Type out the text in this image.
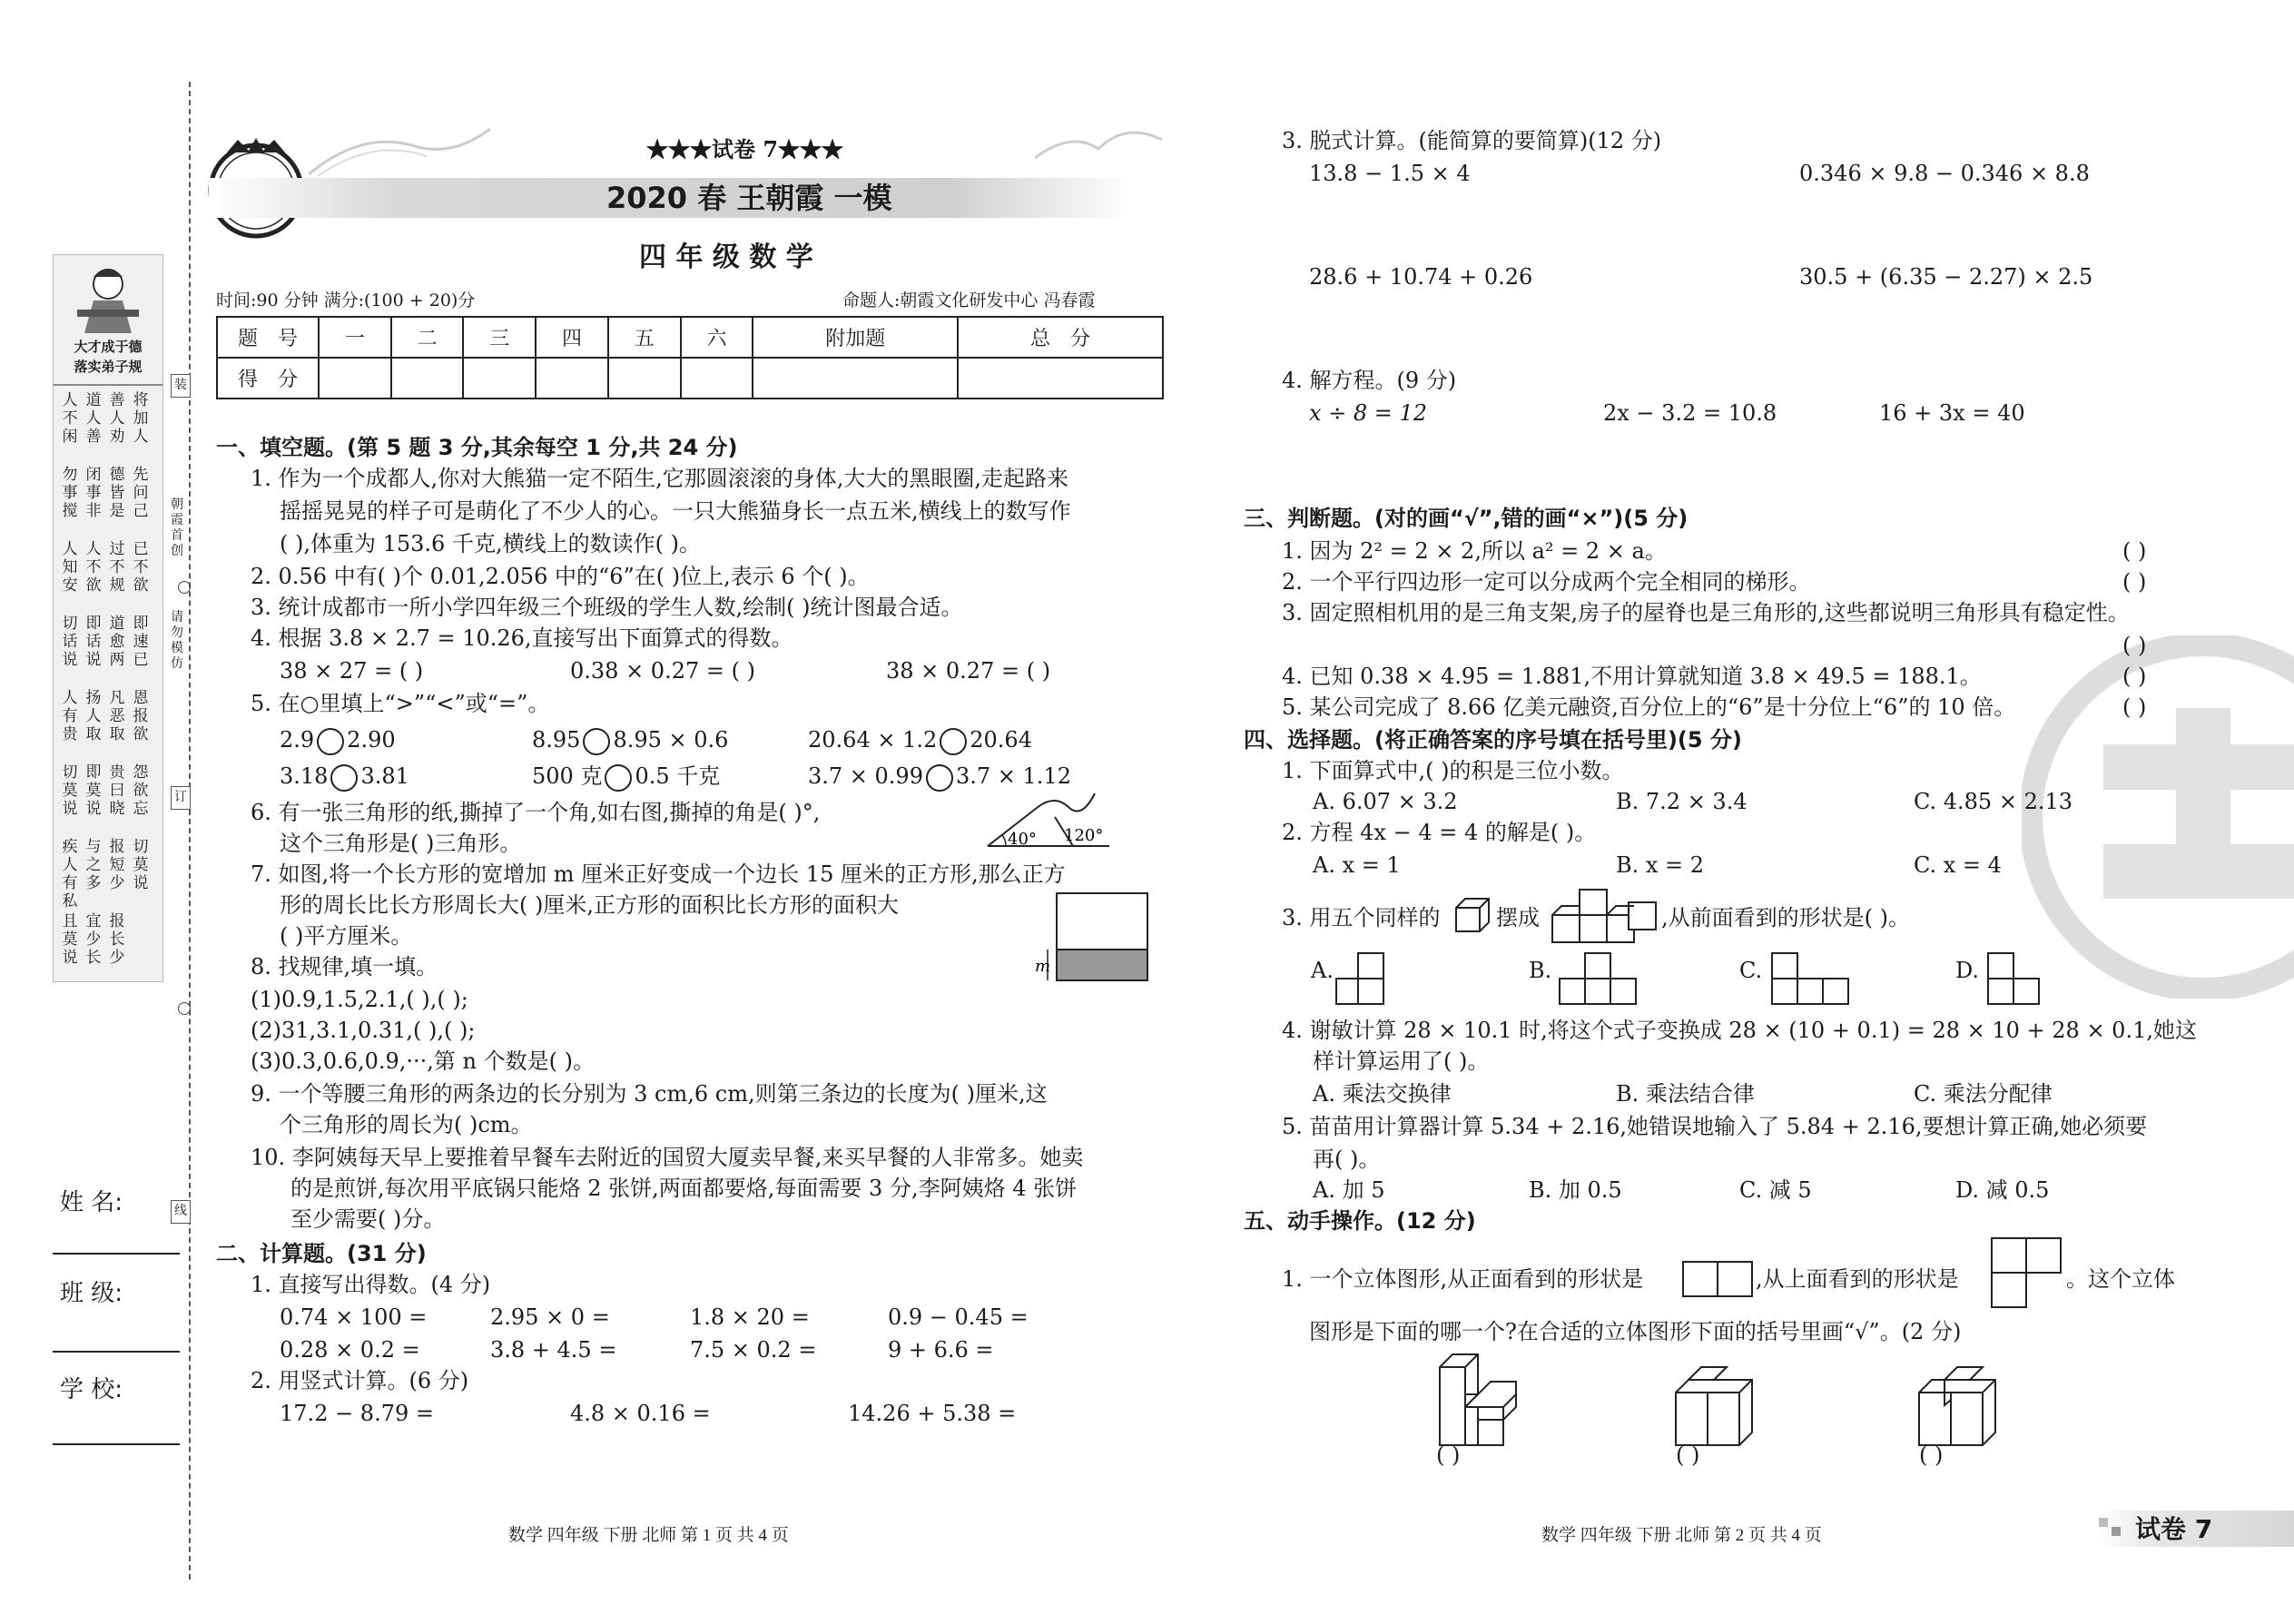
大才成于德
落实弟子规
人不闲
道人善
善人劝
将加人
勿事搅
闭事非
德皆是
先问己
人知安
人不欲
过不规
已不欲
切话说
即话说
道愈两
即速已
人有贵
扬人取
凡恶取
恩报欲
切莫说
即莫说
贵曰晓
怨欲忘
疾人有私
与之多
报短少
切莫说
且莫说
宜少长
报长少
装
订
线
朝霞首创
请勿模仿
姓 名:
班 级:
学 校:
★★★试卷 7★★★
2020 春 王朝霞 一模
四 年 级 数 学
时间:90 分钟 满分:(100 + 20)分	命题人:朝霞文化研发中心 冯春霞
题　号	一	二	三	四	五	六	附加题	总　分
得　分								
一、填空题。(第 5 题 3 分,其余每空 1 分,共 24 分)
1. 作为一个成都人,你对大熊猫一定不陌生,它那圆滚滚的身体,大大的黑眼圈,走起路来
摇摇晃晃的样子可是萌化了不少人的心。一只大熊猫身长一点五米,横线上的数写作
( ),体重为 153.6 千克,横线上的数读作( )。
2. 0.56 中有( )个 0.01,2.056 中的“6”在( )位上,表示 6 个( )。
3. 统计成都市一所小学四年级三个班级的学生人数,绘制( )统计图最合适。
4. 根据 3.8 × 2.7 = 10.26,直接写出下面算式的得数。
38 × 27 = ( )	0.38 × 0.27 = ( )	38 × 0.27 = ( )
5. 在○里填上“>”“<”或“=”。
2.9 2.90	8.95 8.95 × 0.6	20.64 × 1.2 20.64
3.18 3.81	500 克 0.5 千克	3.7 × 0.99 3.7 × 1.12
6. 有一张三角形的纸,撕掉了一个角,如右图,撕掉的角是( )°,
这个三角形是( )三角形。	40° 120°
7. 如图,将一个长方形的宽增加 m 厘米正好变成一个边长 15 厘米的正方形,那么正方
形的周长比长方形周长大( )厘米,正方形的面积比长方形的面积大
( )平方厘米。
m
8. 找规律,填一填。
(1)0.9,1.5,2.1,( ),( );
(2)31,3.1,0.31,( ),( );
(3)0.3,0.6,0.9,···,第 n 个数是( )。
9. 一个等腰三角形的两条边的长分别为 3 cm,6 cm,则第三条边的长度为( )厘米,这
个三角形的周长为( )cm。
10. 李阿姨每天早上要推着早餐车去附近的国贸大厦卖早餐,来买早餐的人非常多。她卖
的是煎饼,每次用平底锅只能烙 2 张饼,两面都要烙,每面需要 3 分,李阿姨烙 4 张饼
至少需要( )分。
二、计算题。(31 分)
1. 直接写出得数。(4 分)
0.74 × 100 =	2.95 × 0 =	1.8 × 20 =	0.9 − 0.45 =
0.28 × 0.2 =	3.8 + 4.5 =	7.5 × 0.2 =	9 + 6.6 =
2. 用竖式计算。(6 分)
17.2 − 8.79 =	4.8 × 0.16 =	14.26 + 5.38 =
数学 四年级 下册 北师 第 1 页 共 4 页
3. 脱式计算。(能简算的要简算)(12 分)
13.8 − 1.5 × 4	0.346 × 9.8 − 0.346 × 8.8
28.6 + 10.74 + 0.26	30.5 + (6.35 − 2.27) × 2.5
4. 解方程。(9 分)
x ÷ 8 = 12	2x − 3.2 = 10.8	16 + 3x = 40
三、判断题。(对的画“√”,错的画“×”)(5 分)
1. 因为 2² = 2 × 2,所以 a² = 2 × a。	( )
2. 一个平行四边形一定可以分成两个完全相同的梯形。	( )
3. 固定照相机用的是三角支架,房子的屋脊也是三角形的,这些都说明三角形具有稳定性。
( )
4. 已知 0.38 × 4.95 = 1.881,不用计算就知道 3.8 × 49.5 = 188.1。	( )
5. 某公司完成了 8.66 亿美元融资,百分位上的“6”是十分位上“6”的 10 倍。	( )
四、选择题。(将正确答案的序号填在括号里)(5 分)
1. 下面算式中,( )的积是三位小数。
A. 6.07 × 3.2	B. 7.2 × 3.4	C. 4.85 × 2.13
2. 方程 4x − 4 = 4 的解是( )。
A. x = 1	B. x = 2	C. x = 4
3. 用五个同样的	摆成	,从前面看到的形状是( )。
A.	B.	C.	D.
4. 谢敏计算 28 × 10.1 时,将这个式子变换成 28 × (10 + 0.1) = 28 × 10 + 28 × 0.1,她这
样计算运用了( )。
A. 乘法交换律	B. 乘法结合律	C. 乘法分配律
5. 苗苗用计算器计算 5.34 + 2.16,她错误地输入了 5.84 + 2.16,要想计算正确,她必须要
再( )。
A. 加 5	B. 加 0.5	C. 减 5	D. 减 0.5
五、动手操作。(12 分)
1. 一个立体图形,从正面看到的形状是	,从上面看到的形状是	。这个立体
图形是下面的哪一个?在合适的立体图形下面的括号里画“√”。(2 分)
( )	( )	( )
数学 四年级 下册 北师 第 2 页 共 4 页	试卷 7
